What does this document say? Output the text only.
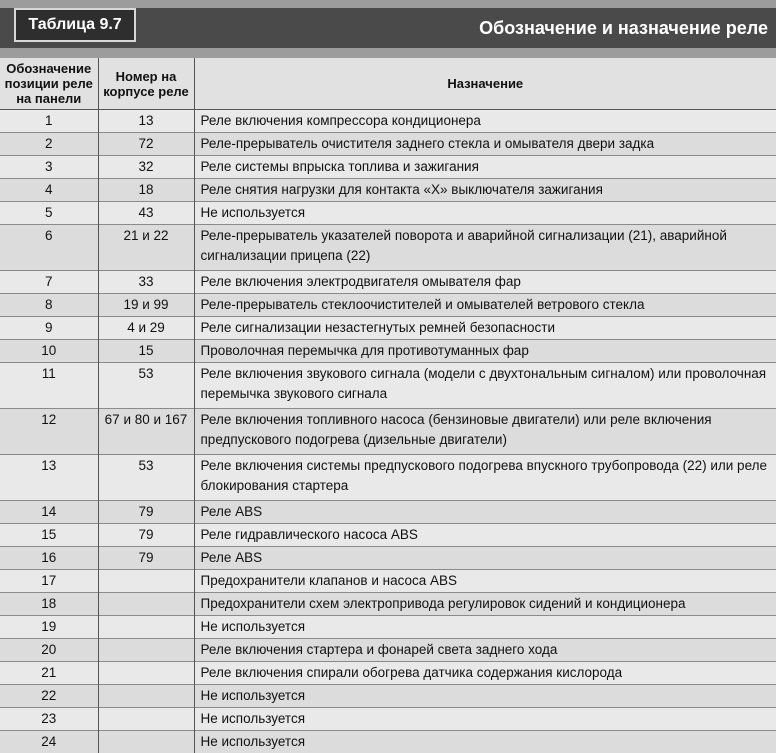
Таблица 9.7	Обозначение и назначение реле
Обозначение позиции реле на панели	Номер на корпусе реле	Назначение
1	13	Реле включения компрессора кондиционера
2	72	Реле-прерыватель очистителя заднего стекла и омывателя двери задка
3	32	Реле системы впрыска топлива и зажигания
4	18	Реле снятия нагрузки для контакта «X» выключателя зажигания
5	43	Не используется
6	21 и 22	Реле-прерыватель указателей поворота и аварийной сигнализации (21), аварийной сигнализации прицепа (22)
7	33	Реле включения электродвигателя омывателя фар
8	19 и 99	Реле-прерыватель стеклоочистителей и омывателей ветрового стекла
9	4 и 29	Реле сигнализации незастегнутых ремней безопасности
10	15	Проволочная перемычка для противотуманных фар
11	53	Реле включения звукового сигнала (модели с двухтональным сигналом) или проволочная перемычка звукового сигнала
12	67 и 80 и 167	Реле включения топливного насоса (бензиновые двигатели) или реле включения предпускового подогрева (дизельные двигатели)
13	53	Реле включения системы предпускового подогрева впускного трубопровода (22) или реле блокирования стартера
14	79	Реле ABS
15	79	Реле гидравлического насоса ABS
16	79	Реле ABS
17		Предохранители клапанов и насоса ABS
18		Предохранители схем электропривода регулировок сидений и кондиционера
19		Не используется
20		Реле включения стартера и фонарей света заднего хода
21		Реле включения спирали обогрева датчика содержания кислорода
22		Не используется
23		Не используется
24		Не используется
